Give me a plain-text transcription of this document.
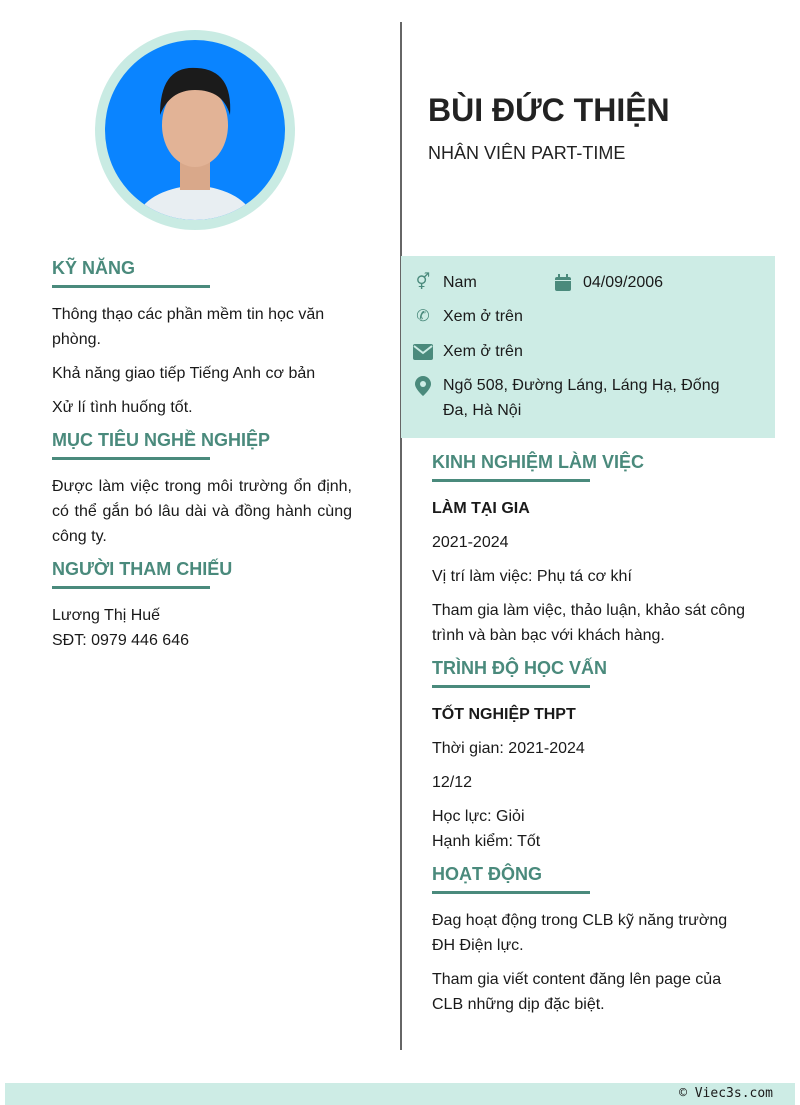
BÙI ĐỨC THIỆN
NHÂN VIÊN PART-TIME
⚥ Nam	04/09/2006
✆ Xem ở trên
Xem ở trên
Ngõ 508, Đường Láng, Láng Hạ, Đống Đa, Hà Nội
KỸ NĂNG
Thông thạo các phần mềm tin học văn phòng.
Khả năng giao tiếp Tiếng Anh cơ bản
Xử lí tình huống tốt.
MỤC TIÊU NGHỀ NGHIỆP
Được làm việc trong môi trường ổn định, có thể gắn bó lâu dài và đồng hành cùng công ty.
NGƯỜI THAM CHIẾU
Lương Thị Huế
SĐT: 0979 446 646
KINH NGHIỆM LÀM VIỆC
LÀM TẠI GIA
2021-2024
Vị trí làm việc: Phụ tá cơ khí
Tham gia làm việc, thảo luận, khảo sát công trình và bàn bạc với khách hàng.
TRÌNH ĐỘ HỌC VẤN
TỐT NGHIỆP THPT
Thời gian: 2021-2024
12/12
Học lực: Giỏi
Hạnh kiểm: Tốt
HOẠT ĐỘNG
Đag hoạt động trong CLB kỹ năng trường ĐH Điện lực.
Tham gia viết content đăng lên page của CLB những dịp đặc biệt.
© Viec3s.com
